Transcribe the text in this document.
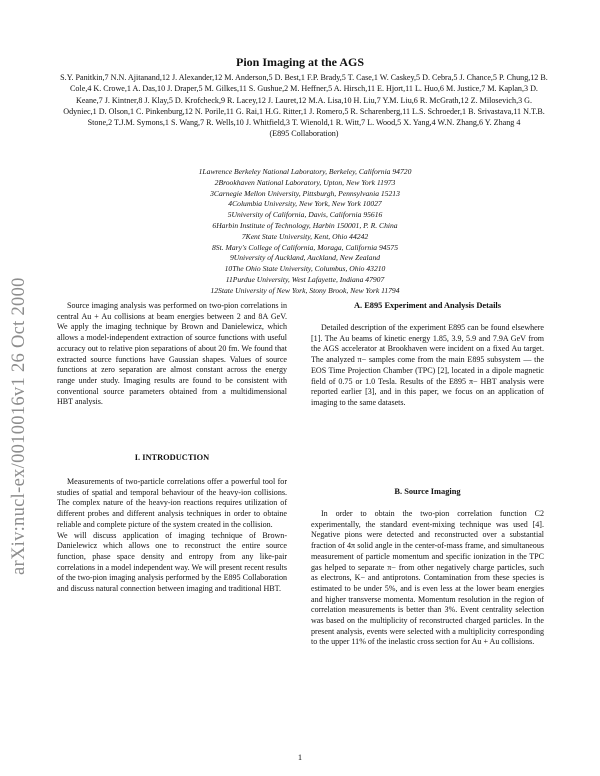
arXiv:nucl-ex/0010016v1 26 Oct 2000
Pion Imaging at the AGS
S.Y. Panitkin,7 N.N. Ajitanand,12 J. Alexander,12 M. Anderson,5 D. Best,1 F.P. Brady,5 T. Case,1 W. Caskey,5 D. Cebra,5 J. Chance,5 P. Chung,12 B. Cole,4 K. Crowe,1 A. Das,10 J. Draper,5 M. Gilkes,11 S. Gushue,2 M. Heffner,5 A. Hirsch,11 E. Hjort,11 L. Huo,6 M. Justice,7 M. Kaplan,3 D. Keane,7 J. Kintner,8 J. Klay,5 D. Krofcheck,9 R. Lacey,12 J. Lauret,12 M.A. Lisa,10 H. Liu,7 Y.M. Liu,6 R. McGrath,12 Z. Milosevich,3 G. Odyniec,1 D. Olson,1 C. Pinkenburg,12 N. Porile,11 G. Rai,1 H.G. Ritter,1 J. Romero,5 R. Scharenberg,11 L.S. Schroeder,1 B. Srivastava,11 N.T.B. Stone,2 T.J.M. Symons,1 S. Wang,7 R. Wells,10 J. Whitfield,3 T. Wienold,1 R. Witt,7 L. Wood,5 X. Yang,4 W.N. Zhang,6 Y. Zhang 4
(E895 Collaboration)
1Lawrence Berkeley National Laboratory, Berkeley, California 94720
2Brookhaven National Laboratory, Upton, New York 11973
3Carnegie Mellon University, Pittsburgh, Pennsylvania 15213
4Columbia University, New York, New York 10027
5University of California, Davis, California 95616
6Harbin Institute of Technology, Harbin 150001, P. R. China
7Kent State University, Kent, Ohio 44242
8St. Mary's College of California, Moraga, California 94575
9University of Auckland, Auckland, New Zealand
10The Ohio State University, Columbus, Ohio 43210
11Purdue University, West Lafayette, Indiana 47907
12State University of New York, Stony Brook, New York 11794

Source imaging analysis was performed on two-pion correlations in central Au + Au collisions at beam energies between 2 and 8A GeV. We apply the imaging technique by Brown and Danielewicz, which allows a model-independent extraction of source functions with useful accuracy out to relative pion separations of about 20 fm. We found that extracted source functions have Gaussian shapes. Values of source functions at zero separation are almost constant across the energy range under study. Imaging results are found to be consistent with conventional source parameters obtained from a multidimensional HBT analysis.

I. INTRODUCTION

Measurements of two-particle correlations offer a powerful tool for studies of spatial and temporal behaviour of the heavy-ion collisions. The complex nature of the heavy-ion reactions requires utilization of different probes and different analysis techniques in order to obtaine reliable and complete picture of the system created in the collision.

We will discuss application of imaging technique of Brown-Danielewicz which allows one to reconstruct the entire source function, phase space density and entropy from any like-pair correlations in a model independent way. We will present recent results of the two-pion imaging analysis performed by the E895 Collaboration and discuss natural connection between imaging and traditional HBT.

A. E895 Experiment and Analysis Details

Detailed description of the experiment E895 can be found elsewhere [1]. The Au beams of kinetic energy 1.85, 3.9, 5.9 and 7.9A GeV from the AGS accelerator at Brookhaven were incident on a fixed Au target. The analyzed π− samples come from the main E895 subsystem — the EOS Time Projection Chamber (TPC) [2], located in a dipole magnetic field of 0.75 or 1.0 Tesla. Results of the E895 π− HBT analysis were reported earlier [3], and in this paper, we focus on an application of imaging to the same datasets.

B. Source Imaging

In order to obtain the two-pion correlation function C2 experimentally, the standard event-mixing technique was used [4]. Negative pions were detected and reconstructed over a substantial fraction of 4π solid angle in the center-of-mass frame, and simultaneous measurement of particle momentum and specific ionization in the TPC gas helped to separate π− from other negatively charge particles, such as electrons, K− and antiprotons. Contamination from these species is estimated to be under 5%, and is even less at the lower beam energies and higher transverse momenta. Momentum resolution in the region of correlation measurements is better than 3%. Event centrality selection was based on the multiplicity of reconstructed charged particles. In the present analysis, events were selected with a multiplicity corresponding to the upper 11% of the inelastic cross section for Au + Au collisions.

1
